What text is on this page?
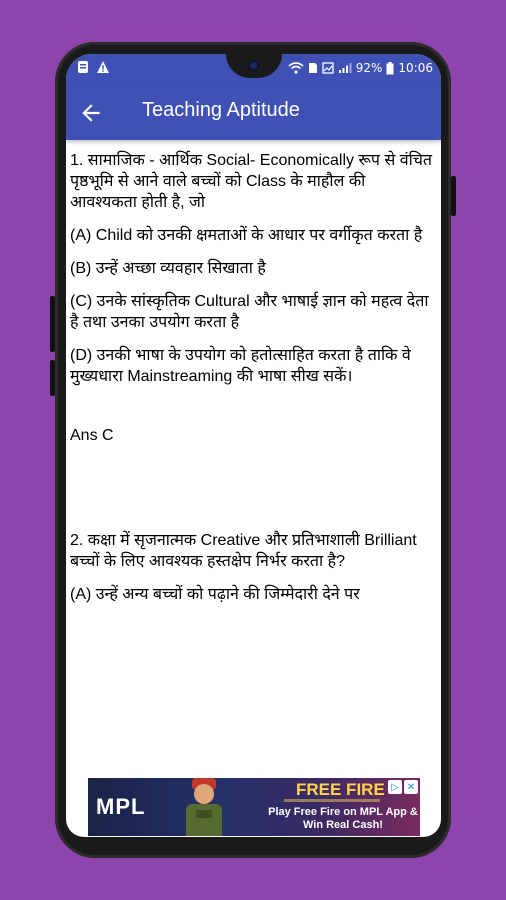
92% 10:06
Teaching Aptitude

1. सामाजिक - आर्थिक Social- Economically रूप से वंचित पृष्ठभूमि से आने वाले बच्चों को Class के माहौल की आवश्यकता होती है, जो

(A) Child को उनकी क्षमताओं के आधार पर वर्गीकृत करता है

(B) उन्हें अच्छा व्यवहार सिखाता है

(C) उनके सांस्कृतिक Cultural और भाषाई ज्ञान को महत्व देता है तथा उनका उपयोग करता है

(D) उनकी भाषा के उपयोग को हतोत्साहित करता है ताकि वे मुख्यधारा Mainstreaming की भाषा सीख सकें।

Ans C

2. कक्षा में सृजनात्मक Creative और प्रतिभाशाली Brilliant बच्चों के लिए आवश्यक हस्तक्षेप निर्भर करता है?

(A) उन्हें अन्य बच्चों को पढ़ाने की जिम्मेदारी देने पर

MPL
FREE FIRE
Play Free Fire on MPL App & Win Real Cash!
▷ ✕
